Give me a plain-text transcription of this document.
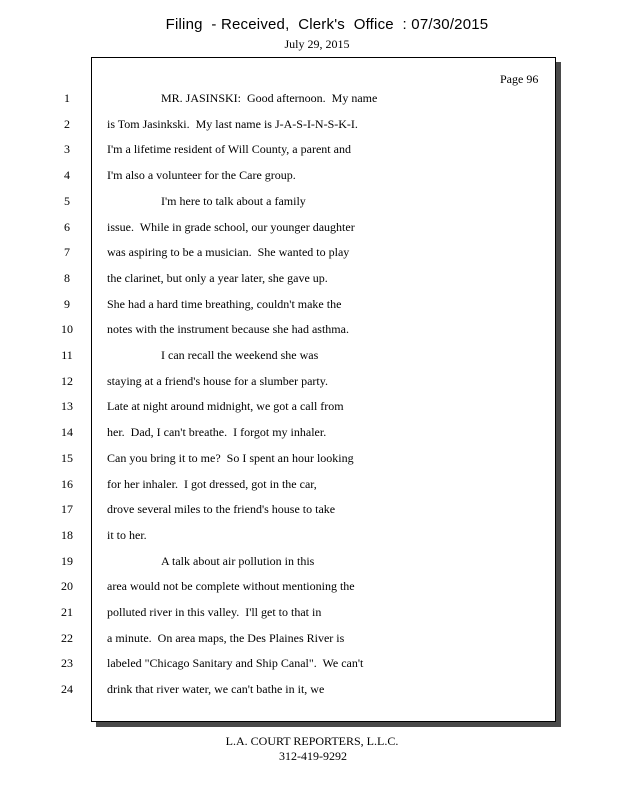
Filing  - Received,  Clerk's  Office  : 07/30/2015
July 29, 2015
Page 96
1	MR. JASINSKI:  Good afternoon.  My name
2	is Tom Jasinkski.  My last name is J-A-S-I-N-S-K-I.
3	I'm a lifetime resident of Will County, a parent and
4	I'm also a volunteer for the Care group.
5	I'm here to talk about a family
6	issue.  While in grade school, our younger daughter
7	was aspiring to be a musician.  She wanted to play
8	the clarinet, but only a year later, she gave up.
9	She had a hard time breathing, couldn't make the
10	notes with the instrument because she had asthma.
11	I can recall the weekend she was
12	staying at a friend's house for a slumber party.
13	Late at night around midnight, we got a call from
14	her.  Dad, I can't breathe.  I forgot my inhaler.
15	Can you bring it to me?  So I spent an hour looking
16	for her inhaler.  I got dressed, got in the car,
17	drove several miles to the friend's house to take
18	it to her.
19	A talk about air pollution in this
20	area would not be complete without mentioning the
21	polluted river in this valley.  I'll get to that in
22	a minute.  On area maps, the Des Plaines River is
23	labeled "Chicago Sanitary and Ship Canal".  We can't
24	drink that river water, we can't bathe in it, we
L.A. COURT REPORTERS, L.L.C.
312-419-9292
